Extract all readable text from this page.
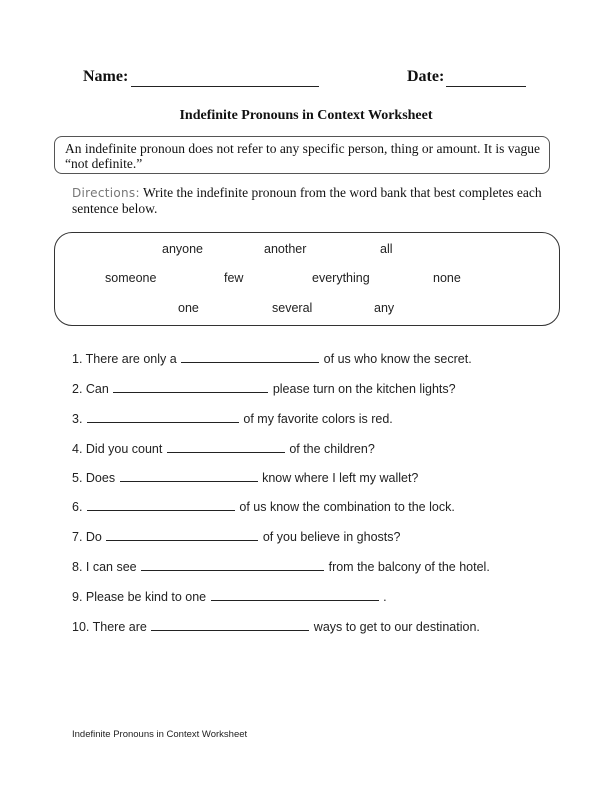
Name:	Date:
Indefinite Pronouns in Context Worksheet
An indefinite pronoun does not refer to any specific person, thing or amount. It is vague “not definite.”
Directions: Write the indefinite pronoun from the word bank that best completes each sentence below.
anyone	another	all
someone	few	everything	none
one	several	any
1. There are only a	of us who know the secret.
2. Can	please turn on the kitchen lights?
3.	of my favorite colors is red.
4. Did you count	of the children?
5. Does	know where I left my wallet?
6.	of us know the combination to the lock.
7. Do	of you believe in ghosts?
8. I can see	from the balcony of the hotel.
9. Please be kind to one	.
10. There are	ways to get to our destination.
Indefinite Pronouns in Context Worksheet
